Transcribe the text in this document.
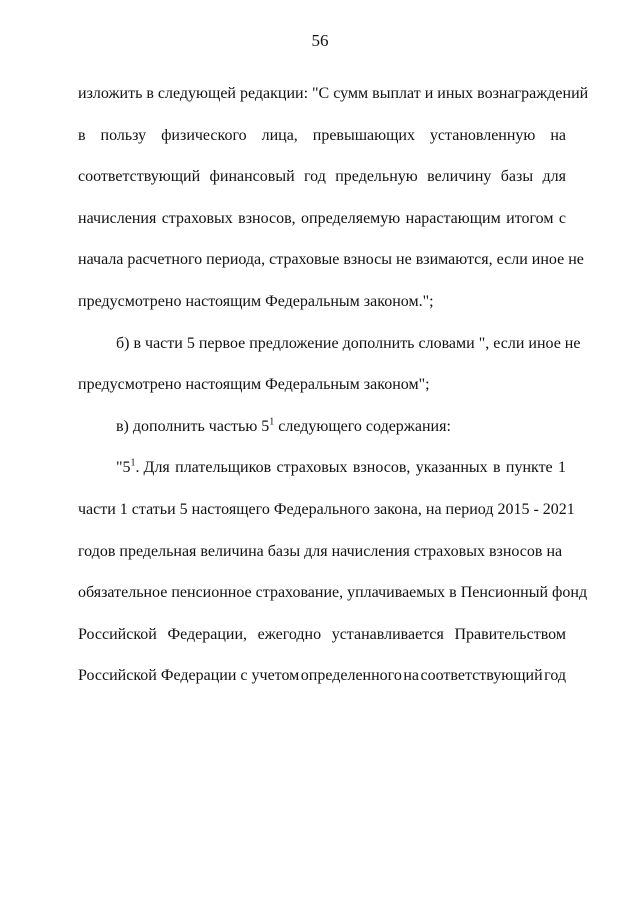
56
изложить в следующей редакции: "С сумм выплат и иных вознаграждений
в пользу физического лица, превышающих установленную на
соответствующий финансовый год предельную величину базы для
начисления страховых взносов, определяемую нарастающим итогом с
начала расчетного периода, страховые взносы не взимаются, если иное не
предусмотрено настоящим Федеральным законом.";
б) в части 5 первое предложение дополнить словами ", если иное не
предусмотрено настоящим Федеральным законом";
в) дополнить частью $5^1$ следующего содержания:
"$5^1$. Для плательщиков страховых взносов, указанных в пункте 1
части 1 статьи 5 настоящего Федерального закона, на период 2015 - 2021
годов предельная величина базы для начисления страховых взносов на
обязательное пенсионное страхование, уплачиваемых в Пенсионный фонд
Российской Федерации, ежегодно устанавливается Правительством
Российской Федерации с учетом определенного на соответствующий год
